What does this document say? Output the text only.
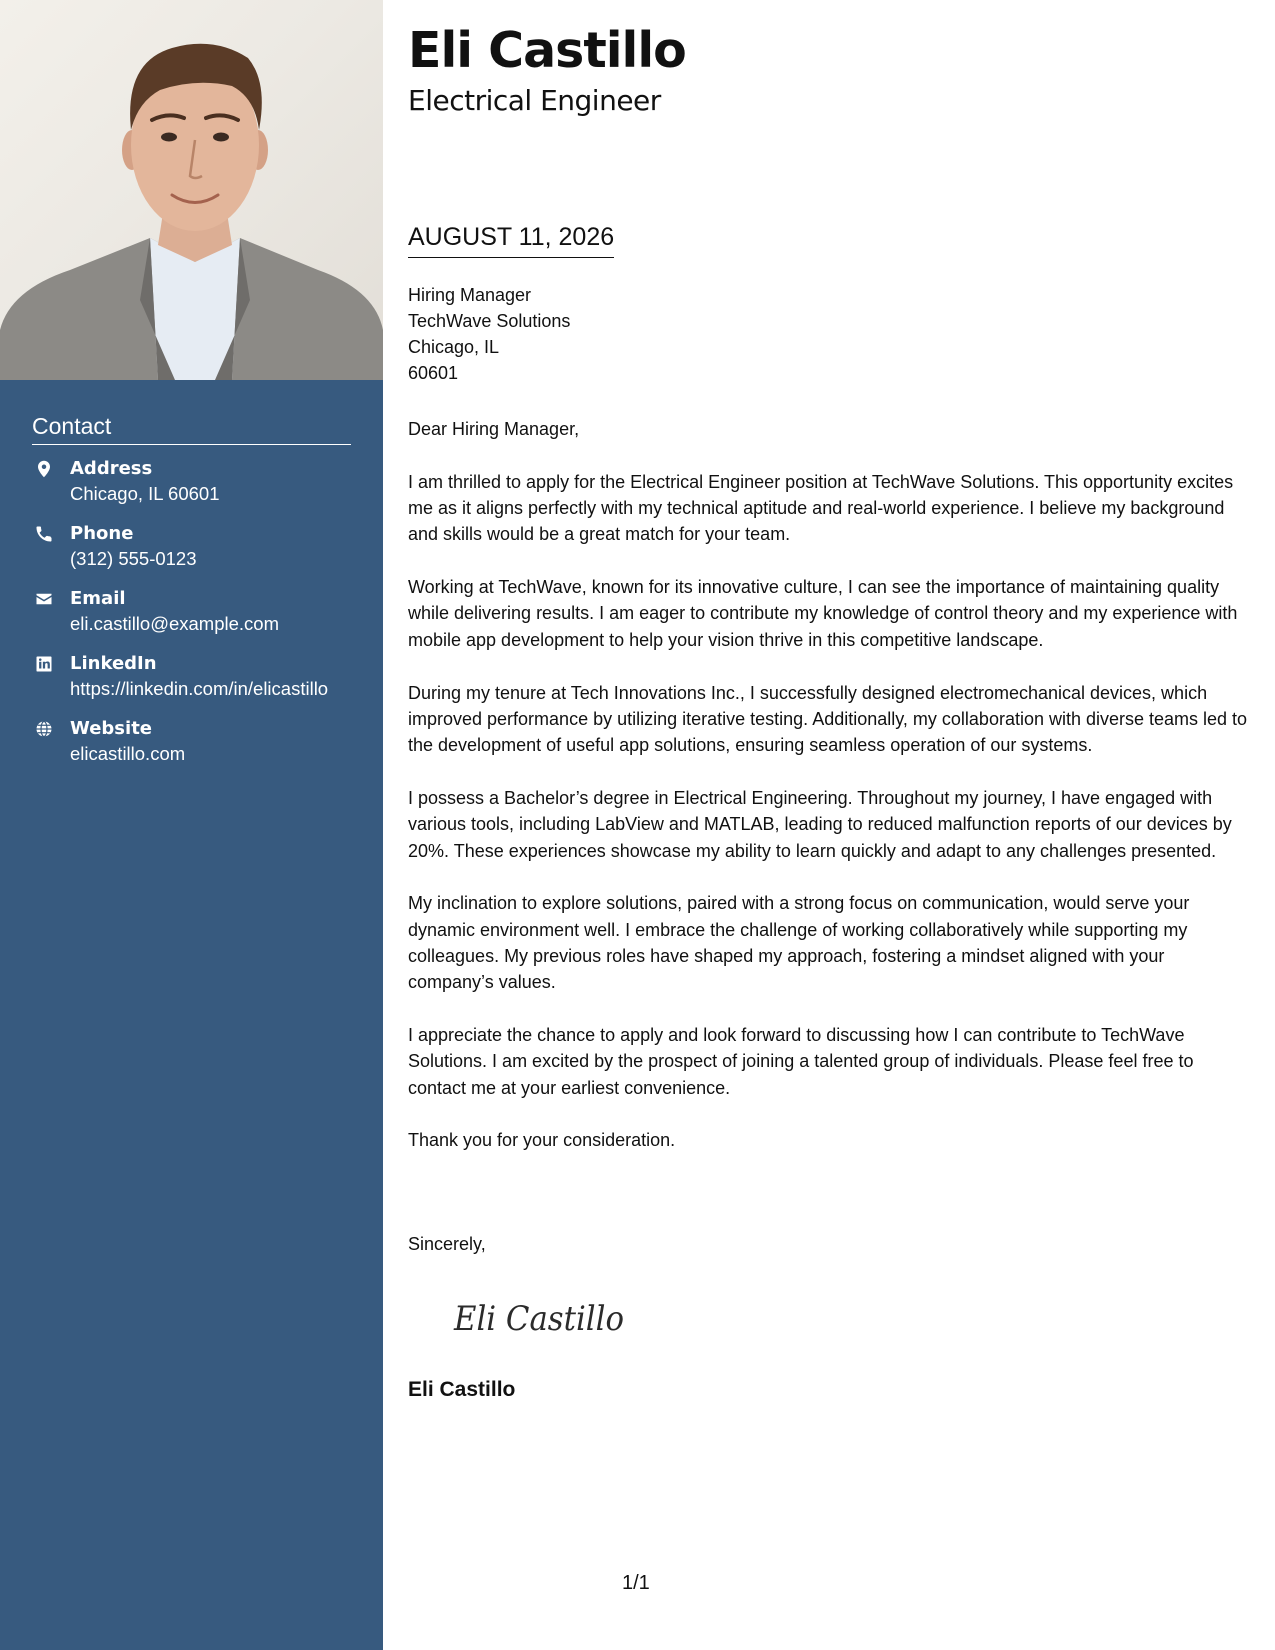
Contact
Address
Chicago, IL 60601
Phone
(312) 555-0123
Email
eli.castillo@example.com
LinkedIn
https://linkedin.com/in/elicastillo
Website
elicastillo.com
Eli Castillo
Electrical Engineer
AUGUST 11, 2026
Hiring Manager
TechWave Solutions
Chicago, IL
60601

Dear Hiring Manager,

I am thrilled to apply for the Electrical Engineer position at TechWave Solutions. This opportunity excites me as it aligns perfectly with my technical aptitude and real-world experience. I believe my background and skills would be a great match for your team.

Working at TechWave, known for its innovative culture, I can see the importance of maintaining quality while delivering results. I am eager to contribute my knowledge of control theory and my experience with mobile app development to help your vision thrive in this competitive landscape.

During my tenure at Tech Innovations Inc., I successfully designed electromechanical devices, which improved performance by utilizing iterative testing. Additionally, my collaboration with diverse teams led to the development of useful app solutions, ensuring seamless operation of our systems.

I possess a Bachelor’s degree in Electrical Engineering. Throughout my journey, I have engaged with various tools, including LabView and MATLAB, leading to reduced malfunction reports of our devices by 20%. These experiences showcase my ability to learn quickly and adapt to any challenges presented.

My inclination to explore solutions, paired with a strong focus on communication, would serve your dynamic environment well. I embrace the challenge of working collaboratively while supporting my colleagues. My previous roles have shaped my approach, fostering a mindset aligned with your company’s values.

I appreciate the chance to apply and look forward to discussing how I can contribute to TechWave Solutions. I am excited by the prospect of joining a talented group of individuals. Please feel free to contact me at your earliest convenience.

Thank you for your consideration.

Sincerely,
Eli Castillo
Eli Castillo
1/1
